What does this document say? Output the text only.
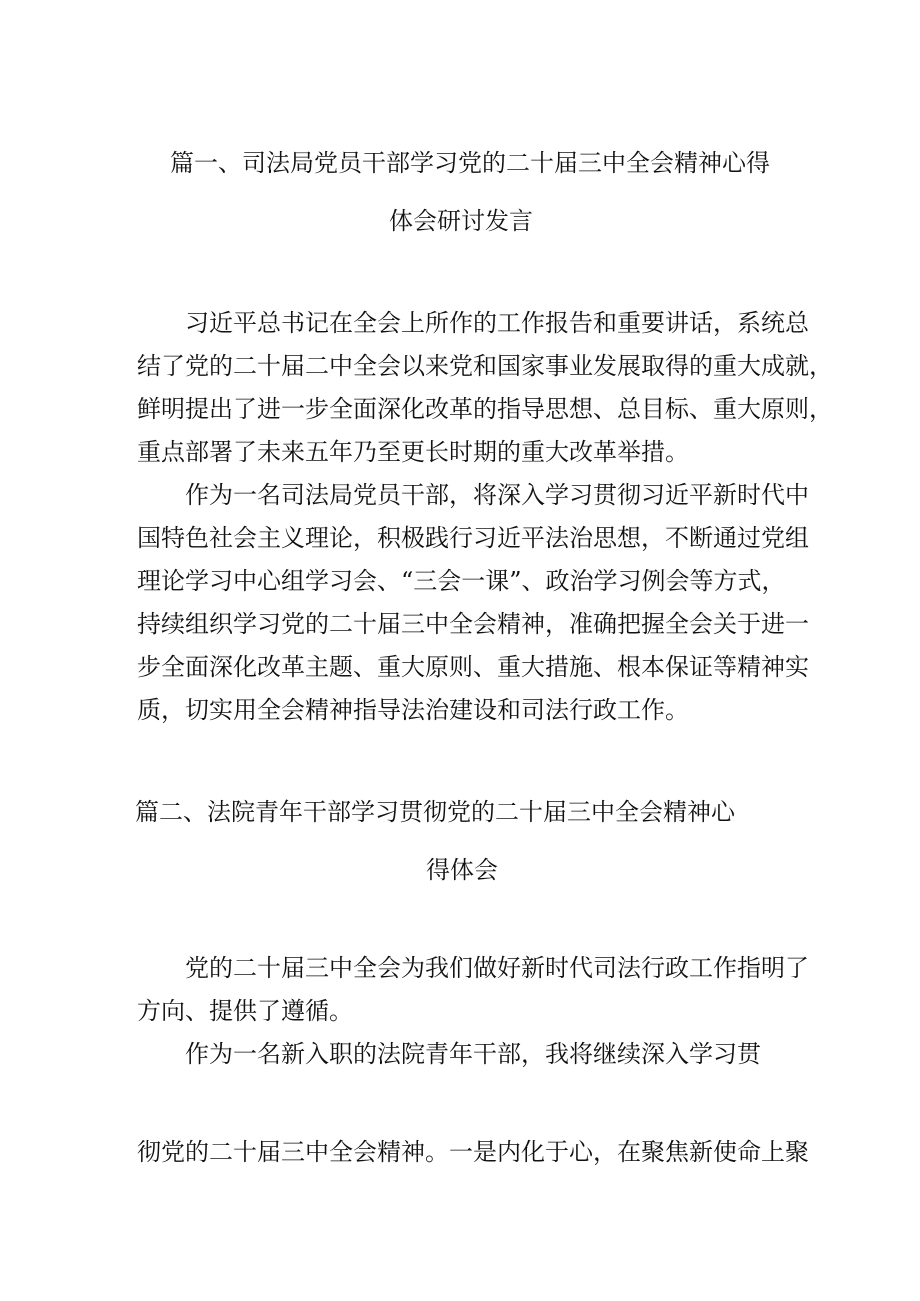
篇一、司法局党员干部学习党的二十届三中全会精神心得
体会研讨发言
习近平总书记在全会上所作的工作报告和重要讲话，系统总
结了党的二十届二中全会以来党和国家事业发展取得的重大成就，
鲜明提出了进一步全面深化改革的指导思想、总目标、重大原则，
重点部署了未来五年乃至更长时期的重大改革举措。
作为一名司法局党员干部，将深入学习贯彻习近平新时代中
国特色社会主义理论，积极践行习近平法治思想，不断通过党组
理论学习中心组学习会、“三会一课”、政治学习例会等方式，
持续组织学习党的二十届三中全会精神，准确把握全会关于进一
步全面深化改革主题、重大原则、重大措施、根本保证等精神实
质，切实用全会精神指导法治建设和司法行政工作。
篇二、法院青年干部学习贯彻党的二十届三中全会精神心
得体会
党的二十届三中全会为我们做好新时代司法行政工作指明了
方向、提供了遵循。
作为一名新入职的法院青年干部，我将继续深入学习贯
彻党的二十届三中全会精神。一是内化于心，在聚焦新使命上聚
